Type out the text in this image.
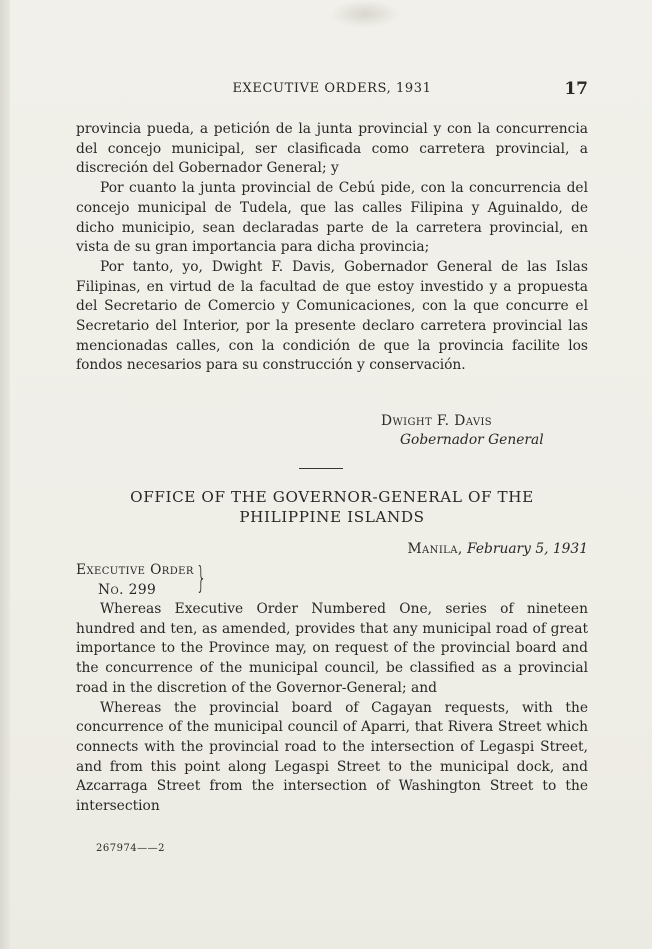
EXECUTIVE ORDERS, 1931	17

provincia pueda, a petición de la junta provincial y con la concurrencia del concejo municipal, ser clasificada como carretera provincial, a discreción del Gobernador General; y

Por cuanto la junta provincial de Cebú pide, con la concurrencia del concejo municipal de Tudela, que las calles Filipina y Aguinaldo, de dicho municipio, sean declaradas parte de la carretera provincial, en vista de su gran importancia para dicha provincia;

Por tanto, yo, Dwight F. Davis, Gobernador General de las Islas Filipinas, en virtud de la facultad de que estoy investido y a propuesta del Secretario de Comercio y Comunicaciones, con la que concurre el Secretario del Interior, por la presente declaro carretera provincial las mencionadas calles, con la condición de que la provincia facilite los fondos necesarios para su construcción y conservación.

Dwight F. Davis
Gobernador General
OFFICE OF THE GOVERNOR-GENERAL OF THE
PHILIPPINE ISLANDS
Manila, February 5, 1931
Executive Order
No. 299	}

Whereas Executive Order Numbered One, series of nineteen hundred and ten, as amended, provides that any municipal road of great importance to the Province may, on request of the provincial board and the concurrence of the municipal council, be classified as a provincial road in the discretion of the Governor-General; and

Whereas the provincial board of Cagayan requests, with the concurrence of the municipal council of Aparri, that Rivera Street which connects with the provincial road to the intersection of Legaspi Street, and from this point along Legaspi Street to the municipal dock, and Azcarraga Street from the intersection of Washington Street to the intersection

267974——2
